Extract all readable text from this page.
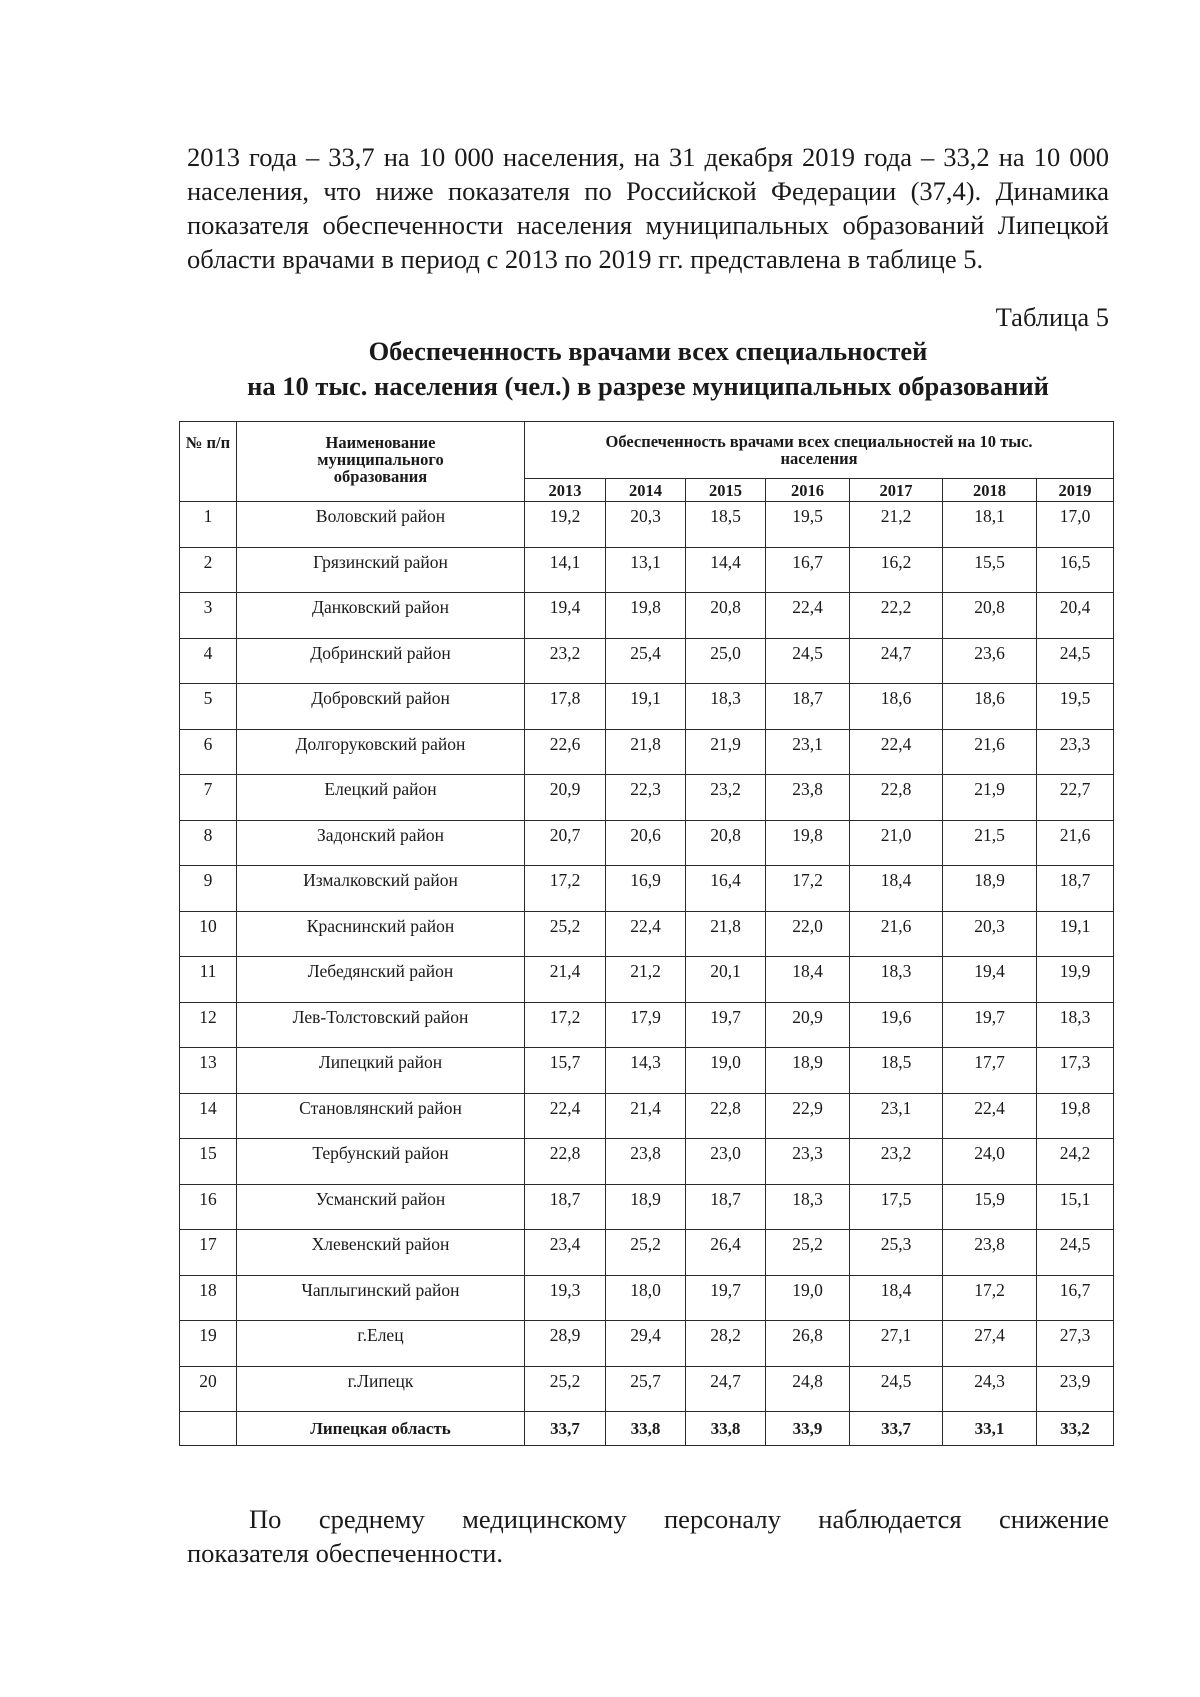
2013 года – 33,7 на 10 000 населения, на 31 декабря 2019 года – 33,2 на 10 000 населения, что ниже показателя по Российской Федерации (37,4). Динамика показателя обеспеченности населения муниципальных образований Липецкой области врачами в период с 2013 по 2019 гг. представлена в таблице 5.
Таблица 5
Обеспеченность врачами всех специальностей
на 10 тыс. населения (чел.) в разрезе муниципальных образований
№ п/п	Наименование муниципального образования	Обеспеченность врачами всех специальностей на 10 тыс. населения						
		2013	2014	2015	2016	2017	2018	2019
1	Воловский район	19,2	20,3	18,5	19,5	21,2	18,1	17,0
2	Грязинский район	14,1	13,1	14,4	16,7	16,2	15,5	16,5
3	Данковский район	19,4	19,8	20,8	22,4	22,2	20,8	20,4
4	Добринский район	23,2	25,4	25,0	24,5	24,7	23,6	24,5
5	Добровский район	17,8	19,1	18,3	18,7	18,6	18,6	19,5
6	Долгоруковский район	22,6	21,8	21,9	23,1	22,4	21,6	23,3
7	Елецкий район	20,9	22,3	23,2	23,8	22,8	21,9	22,7
8	Задонский район	20,7	20,6	20,8	19,8	21,0	21,5	21,6
9	Измалковский район	17,2	16,9	16,4	17,2	18,4	18,9	18,7
10	Краснинский район	25,2	22,4	21,8	22,0	21,6	20,3	19,1
11	Лебедянский район	21,4	21,2	20,1	18,4	18,3	19,4	19,9
12	Лев-Толстовский район	17,2	17,9	19,7	20,9	19,6	19,7	18,3
13	Липецкий район	15,7	14,3	19,0	18,9	18,5	17,7	17,3
14	Становлянский район	22,4	21,4	22,8	22,9	23,1	22,4	19,8
15	Тербунский район	22,8	23,8	23,0	23,3	23,2	24,0	24,2
16	Усманский район	18,7	18,9	18,7	18,3	17,5	15,9	15,1
17	Хлевенский район	23,4	25,2	26,4	25,2	25,3	23,8	24,5
18	Чаплыгинский район	19,3	18,0	19,7	19,0	18,4	17,2	16,7
19	г.Елец	28,9	29,4	28,2	26,8	27,1	27,4	27,3
20	г.Липецк	25,2	25,7	24,7	24,8	24,5	24,3	23,9
	Липецкая область	33,7	33,8	33,8	33,9	33,7	33,1	33,2
По среднему медицинскому персоналу наблюдается снижение
показателя обеспеченности.
